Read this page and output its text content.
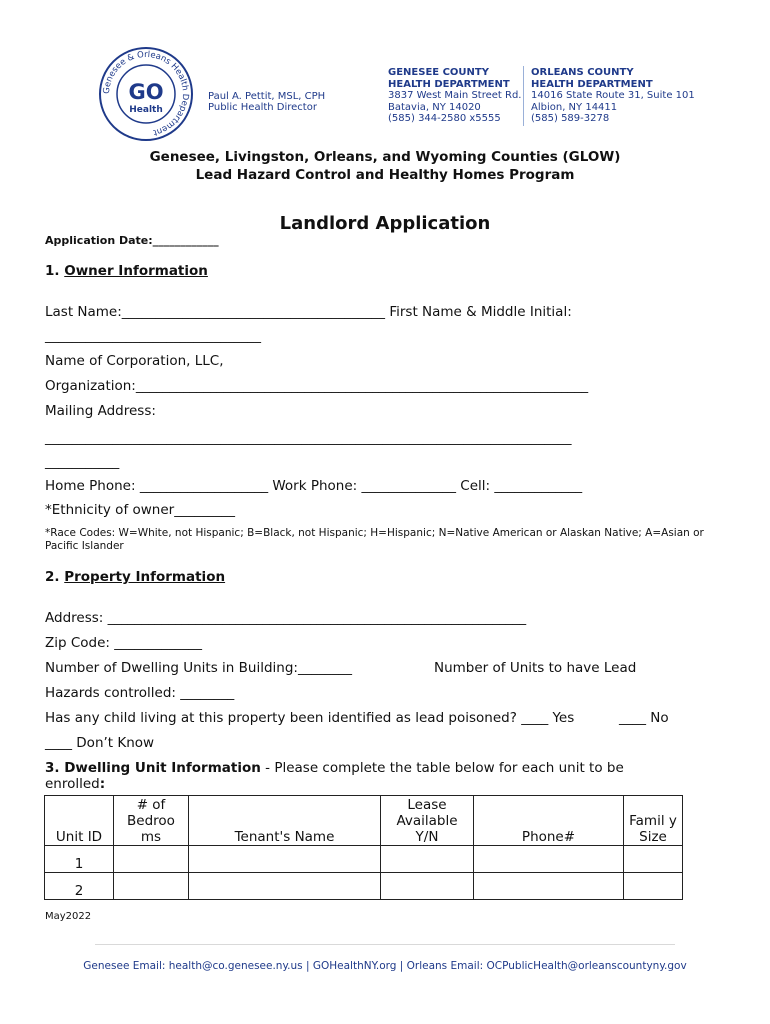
Genesee & Orleans Health Department
GO
Health
Paul A. Pettit, MSL, CPH
Public Health Director
GENESEE COUNTY
HEALTH DEPARTMENT
3837 West Main Street Rd.
Batavia, NY 14020
(585) 344-2580 x5555
ORLEANS COUNTY
HEALTH DEPARTMENT
14016 State Route 31, Suite 101
Albion, NY 14411
(585) 589-3278
Genesee, Livingston, Orleans, and Wyoming Counties (GLOW)
Lead Hazard Control and Healthy Homes Program
Landlord Application
Application Date:____________
1. Owner Information
Last Name:_______________________________________ First Name & Middle Initial:
________________________________
Name of Corporation, LLC,
Organization:___________________________________________________________________
Mailing Address:
______________________________________________________________________________
___________
Home Phone: ___________________ Work Phone: ______________ Cell: _____________
*Ethnicity of owner_________
*Race Codes: W=White, not Hispanic; B=Black, not Hispanic; H=Hispanic; N=Native American or Alaskan Native; A=Asian or Pacific Islander
2. Property Information
Address: ______________________________________________________________
Zip Code: _____________
Number of Dwelling Units in Building:________	Number of Units to have Lead
Hazards controlled: ________
Has any child living at this property been identified as lead poisoned? ____ Yes	____ No
____ Don’t Know
3. Dwelling Unit Information - Please complete the table below for each unit to be
enrolled:
Unit ID	# of Bedroo ms	Tenant's Name	Lease Available Y/N	Phone#	Famil y Size
1					
2					
May2022
Genesee Email: health@co.genesee.ny.us | GOHealthNY.org | Orleans Email: OCPublicHealth@orleanscountyny.gov
